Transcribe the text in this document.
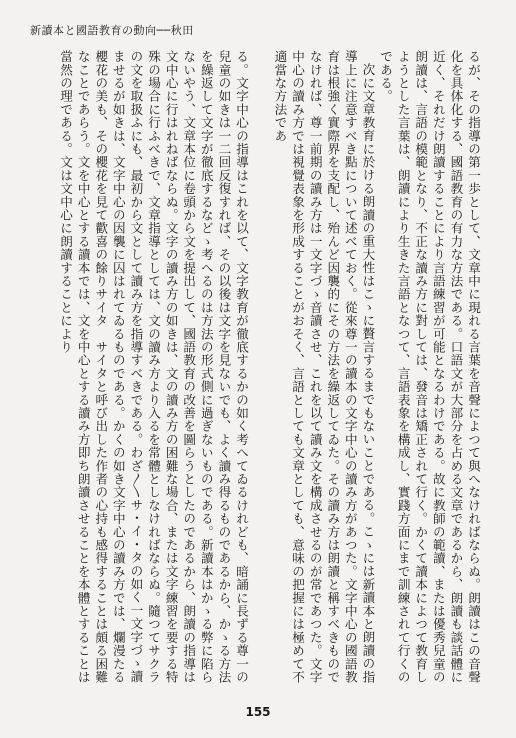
新讀本と國語教育の動向──秋田

るが、その指導の第一歩として、文章中に現れる言葉を音聲によつて與へなければならぬ。朗讀はこの音聲化を具体化する、國語教育の有力な方法である。口語文が大部分を占める文章であるから、朗讀も談話體に近く、それだけ朗讀することにより言語練習が可能となるわけである。故に教師の範讀、または優秀兒童の朗讀は、言語の模範となり、不正な讀み方に對しては、發音は矯正されて行く。かくて讀本によつて教育しようとした言葉は、朗讀により生きた言語となつて、言語表象を構成し、實踐方面にまで訓練されて行くのである。

次に文章教育に於ける朗讀の重大性はこゝに贅言するまでもないことである。こゝには新讀本と朗讀の指導上に注意すべき點について述べておく。從來尊一の讀本の文字中心の讀み方があつた。文字中心の國語教育は根強く實際界を支配し、殆んど因襲的にその方法を繰返してゐた。その讀み方は朗讀と稱すべきものでなければ、尊一前期の讀み方は一文字づゝ音讀させ、これを以て讀み文を構成させるのが常であつた。文字中心の讀み方では視覺表象を形成することがおそく、言語としても文章としても、意味の把握には極めて不適當な方法であ

る。文字中心の指導はこれを以て、文字教育が徹底するかの如く考へてゐるけれども、暗誦に長ずる尊一の兒童の如きは一二回反復すれば、その以後は文字を見ないでも、よく讀み得るものであるから、かゝる方法を繰返して文字が徹底するなどゝ考へるのは方法の形式側に過ぎないものである。新讀本はかゝる弊に陷らないやう、文章本位に卷頭から文を提出して、國語教育の改善を圖らうとしたのであるから、朗讀の指導は文中心に行はれねばならぬ。文字の讀み方の如きは、文の讀み方の困難な場合、または文字練習を要する特殊の場合に行ふべきで、文章指導としては、文の讀み方より入るを常體としなければならぬ。隨つてサクラの文を取扱ふにも、最初から文として讀み方を指導すべきである。わざ〳〵サ・イ・タの如く一文字づゝ讀ませるが如きは、文字中心の因襲に囚はれてゐるものである。かくの如き文字中心の讀み方では、爛漫たる櫻花の美も、その櫻花を見て歡喜の餘りサイタ　サイタと呼び出した作者の心持も感得することは頗る困難なことであらう。文を中心とする讀本では、文を中心とする讀み方即ち朗讀させることを本體とすることは當然の理である。文は文中心に朗讀することにより

155
